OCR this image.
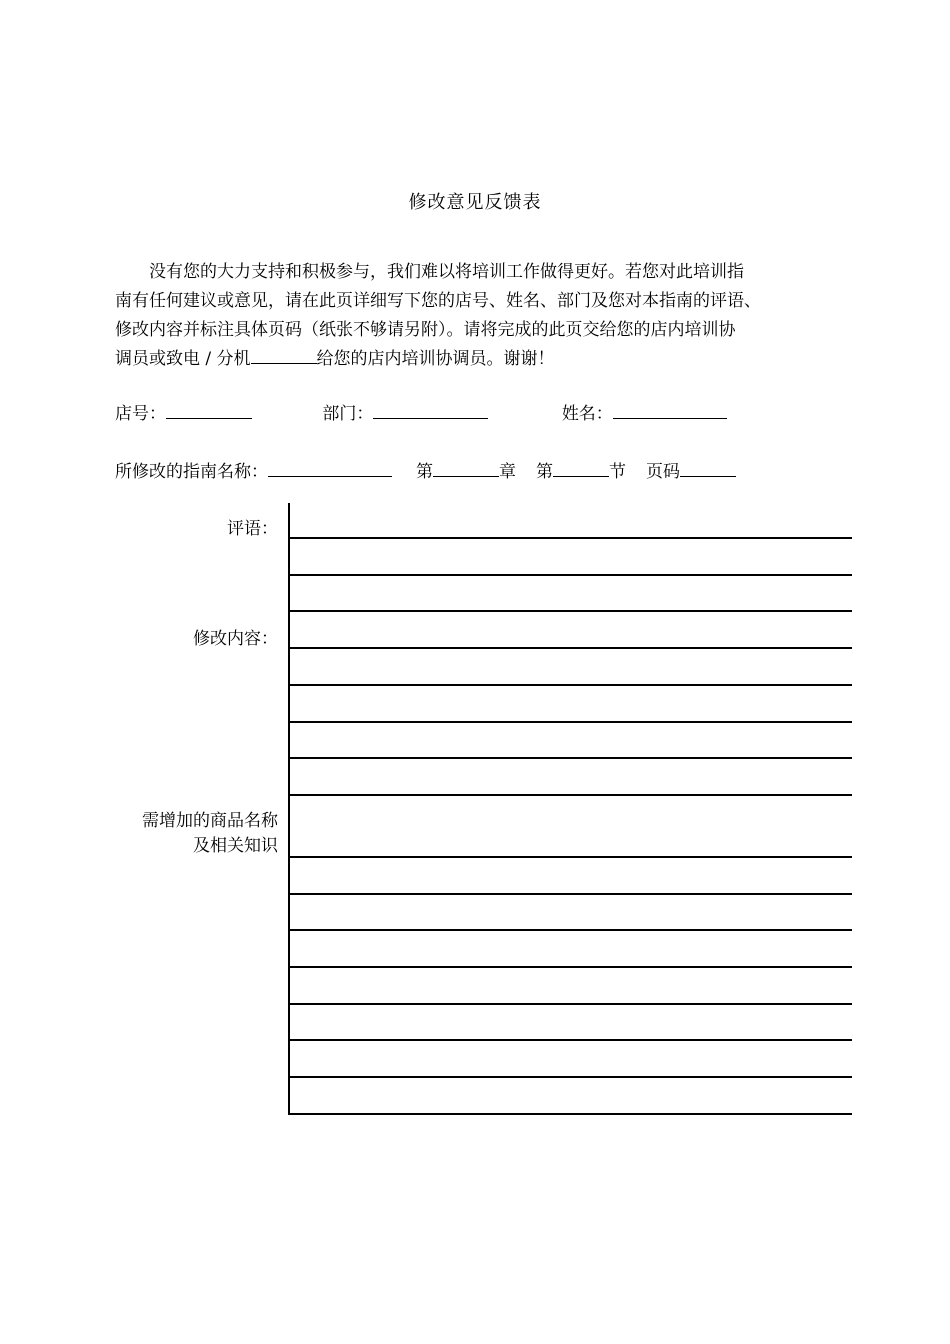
修改意见反馈表

没有您的大力支持和积极参与，我们难以将培训工作做得更好。若您对此培训指

南有任何建议或意见，请在此页详细写下您的店号、姓名、部门及您对本指南的评语、

修改内容并标注具体页码（纸张不够请另附）。请将完成的此页交给您的店内培训协

调员或致电 / 分机	给您的店内培训协调员。谢谢！

店号：	部门：	姓名：
所修改的指南名称：	第	章 第	节 页码
评语：
修改内容：
需增加的商品名称
及相关知识
